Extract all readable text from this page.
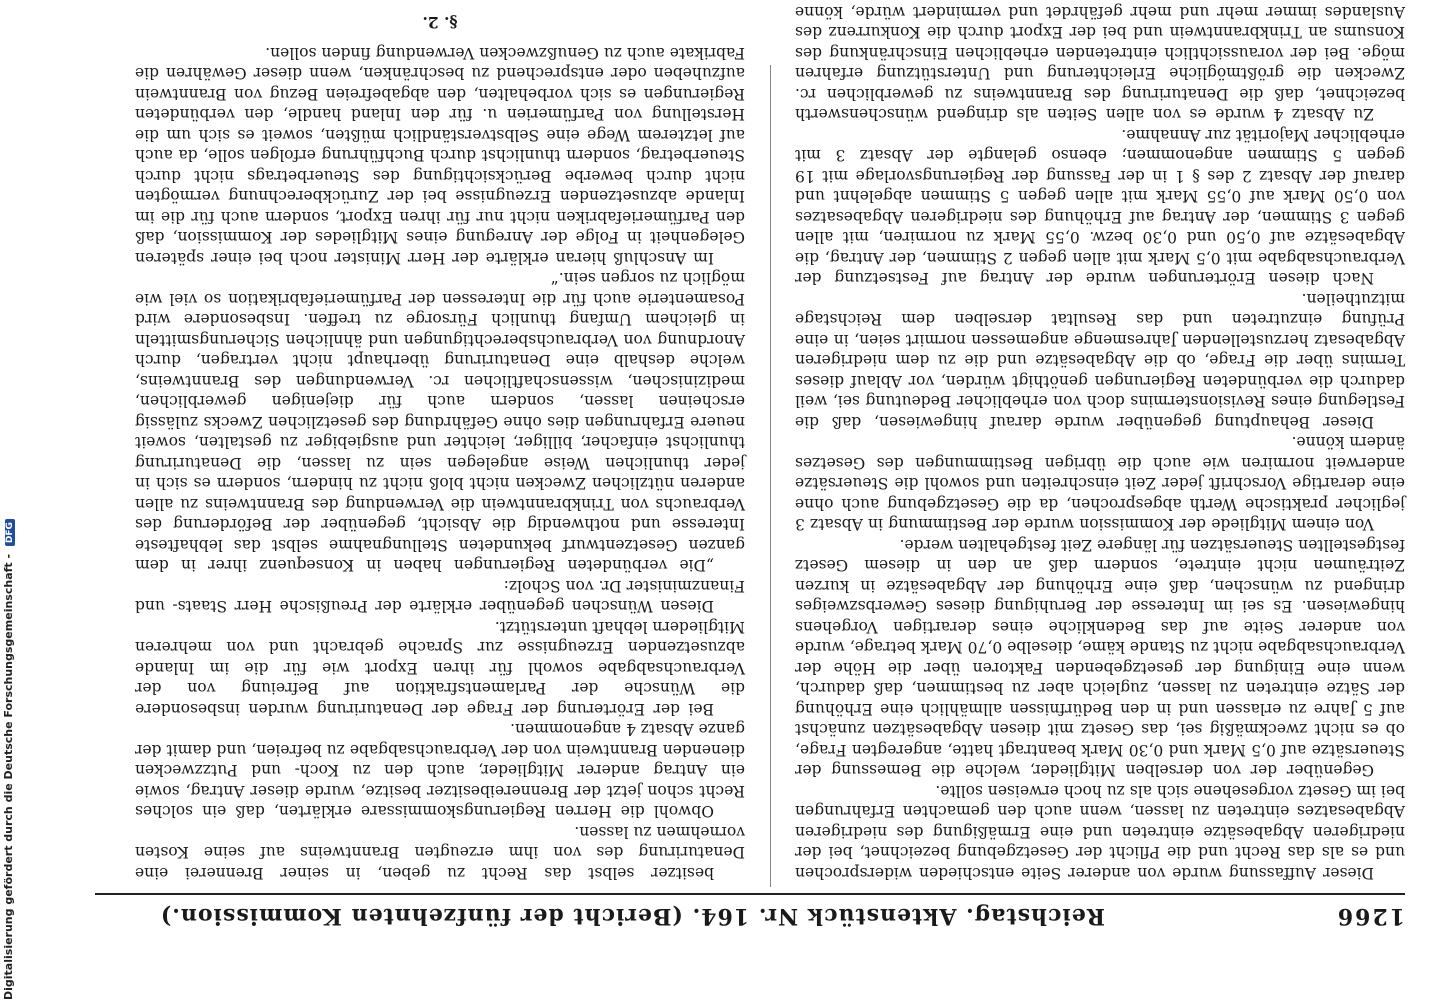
1266
Reichstag. Aktenstück Nr. 164. (Bericht der fünfzehnten Kommission.)

Dieser Auffassung wurde von anderer Seite entschieden widersprochen und es als das Recht und die Pflicht der Gesetzgebung bezeichnet, bei der niedrigeren Abgabesätze eintreten und eine Ermäßigung des niedrigeren Abgabesatzes eintreten zu lassen, wenn auch den gemachten Erfahrungen bei im Gesetz vorgesehene sich als zu hoch erweisen sollte.

Gegenüber der von derselben Mitglieder, welche die Bemessung der Steuersätze auf 0,5 Mark und 0,30 Mark beantragt hatte, angeregten Frage, ob es nicht zweckmäßig sei, das Gesetz mit diesen Abgabesätzen zunächst auf 5 Jahre zu erlassen und in den Bedürfnissen allmählich eine Erhöhung der Sätze eintreten zu lassen, zugleich aber zu bestimmen, daß dadurch, wenn eine Einigung der gesetzgebenden Faktoren über die Höhe der Verbrauchsabgabe nicht zu Stande käme, dieselbe 0,70 Mark betrage, wurde von anderer Seite auf das Bedenkliche eines derartigen Vorgehens hingewiesen. Es sei im Interesse der Beruhigung dieses Gewerbszweiges dringend zu wünschen, daß eine Erhöhung der Abgabesätze in kurzen Zeiträumen nicht eintrete, sondern daß an den in diesem Gesetz festgestellten Steuersätzen für längere Zeit festgehalten werde.

Von einem Mitgliede der Kommission wurde der Bestimmung in Absatz 3 jeglicher praktische Werth abgesprochen, da die Gesetzgebung auch ohne eine derartige Vorschrift jeder Zeit einschreiten und sowohl die Steuersätze anderweit normiren wie auch die übrigen Bestimmungen des Gesetzes ändern könne.

Dieser Behauptung gegenüber wurde darauf hingewiesen, daß die Festlegung eines Revisionstermins doch von erheblicher Bedeutung sei, weil dadurch die verbündeten Regierungen genöthigt würden, vor Ablauf dieses Termins über die Frage, ob die Abgabesätze und die zu dem niedrigeren Abgabesatz herzustellenden Jahresmenge angemessen normirt seien, in eine Prüfung einzutreten und das Resultat derselben dem Reichstage mitzutheilen.

Nach diesen Erörterungen wurde der Antrag auf Festsetzung der Verbrauchsabgabe mit 0,5 Mark mit allen gegen 2 Stimmen, der Antrag, die Abgabesätze auf 0,50 und 0,30 bezw. 0,55 Mark zu normiren, mit allen gegen 3 Stimmen, der Antrag auf Erhöhung des niedrigeren Abgabesatzes von 0,50 Mark auf 0,55 Mark mit allen gegen 5 Stimmen abgelehnt und darauf der Absatz 2 des § 1 in der Fassung der Regierungsvorlage mit 19 gegen 5 Stimmen angenommen; ebenso gelangte der Absatz 3 mit erheblicher Majorität zur Annahme.

Zu Absatz 4 wurde es von allen Seiten als dringend wünschenswerth bezeichnet, daß die Denaturirung des Branntweins zu gewerblichen rc. Zwecken die größtmögliche Erleichterung und Unterstützung erfahren möge. Bei der voraussichtlich eintretenden erheblichen Einschränkung des Konsums an Trinkbranntwein und bei der Export durch die Konkurrenz des Auslandes immer mehr und mehr gefährdet und vermindert würde, könne

besitzer selbst das Recht zu geben, in seiner Brennerei eine Denaturirung des von ihm erzeugten Branntweins auf seine Kosten vornehmen zu lassen.

Obwohl die Herren Regierungskommissare erklärten, daß ein solches Recht schon jetzt der Brennereibesitzer besitze, wurde dieser Antrag, sowie ein Antrag anderer Mitglieder, auch den zu Koch- und Putzzwecken dienenden Branntwein von der Verbrauchsabgabe zu befreien, und damit der ganze Absatz 4 angenommen.

Bei der Erörterung der Frage der Denaturirung wurden insbesondere die Wünsche der Parlamentsfraktion auf Befreiung von der Verbrauchsabgabe sowohl für ihren Export wie für die im Inlande abzusetzenden Erzeugnisse zur Sprache gebracht und von mehreren Mitgliedern lebhaft unterstützt.

Diesen Wünschen gegenüber erklärte der Preußische Herr Staats- und Finanzminister Dr. von Scholz:

„Die verbündeten Regierungen haben in Konsequenz ihrer in dem ganzen Gesetzentwurf bekundeten Stellungnahme selbst das lebhafteste Interesse und nothwendig die Absicht, gegenüber der Beförderung des Verbrauchs von Trinkbranntwein die Verwendung des Branntweins zu allen anderen nützlichen Zwecken nicht bloß nicht zu hindern, sondern es sich in jeder thunlichen Weise angelegen sein zu lassen, die Denaturirung thunlichst einfacher, billiger, leichter und ausgiebiger zu gestalten, soweit neuere Erfahrungen dies ohne Gefährdung des gesetzlichen Zwecks zulässig erscheinen lassen, sondern auch für diejenigen gewerblichen, medizinischen, wissenschaftlichen rc. Verwendungen des Branntweins, welche deshalb eine Denaturirung überhaupt nicht vertragen, durch Anordnung von Verbrauchsberechtigungen und ähnlichen Sicherungsmitteln in gleichem Umfang thunlich Fürsorge zu treffen. Insbesondere wird Posamenterie auch für die Interessen der Parfümeriefabrikation so viel wie möglich zu sorgen sein.“

Im Anschluß hieran erklärte der Herr Minister noch bei einer späteren Gelegenheit in Folge der Anregung eines Mitgliedes der Kommission, daß den Parfümeriefabriken nicht nur für ihren Export, sondern auch für die im Inlande abzusetzenden Erzeugnisse bei der Zurückberechnung vermögten nicht durch bewerbe Berücksichtigung des Steuerbetrags nicht durch Steuerbetrag, sondern thunlichst durch Buchführung erfolgen solle, da auch auf letzterem Wege eine Selbstverständlich müßten, soweit es sich um die Herstellung von Parfümerien u. für den Inland handle, den verbündeten Regierungen es sich vorbehalten, den abgabefreien Bezug von Branntwein aufzuheben oder entsprechend zu beschränken, wenn dieser Gewähren die Fabrikate auch zu Genußzwecken Verwendung finden sollen.

§. 2.

Digitalisierung gefördert durch die Deutsche Forschungsgemeinschaft - DFG
